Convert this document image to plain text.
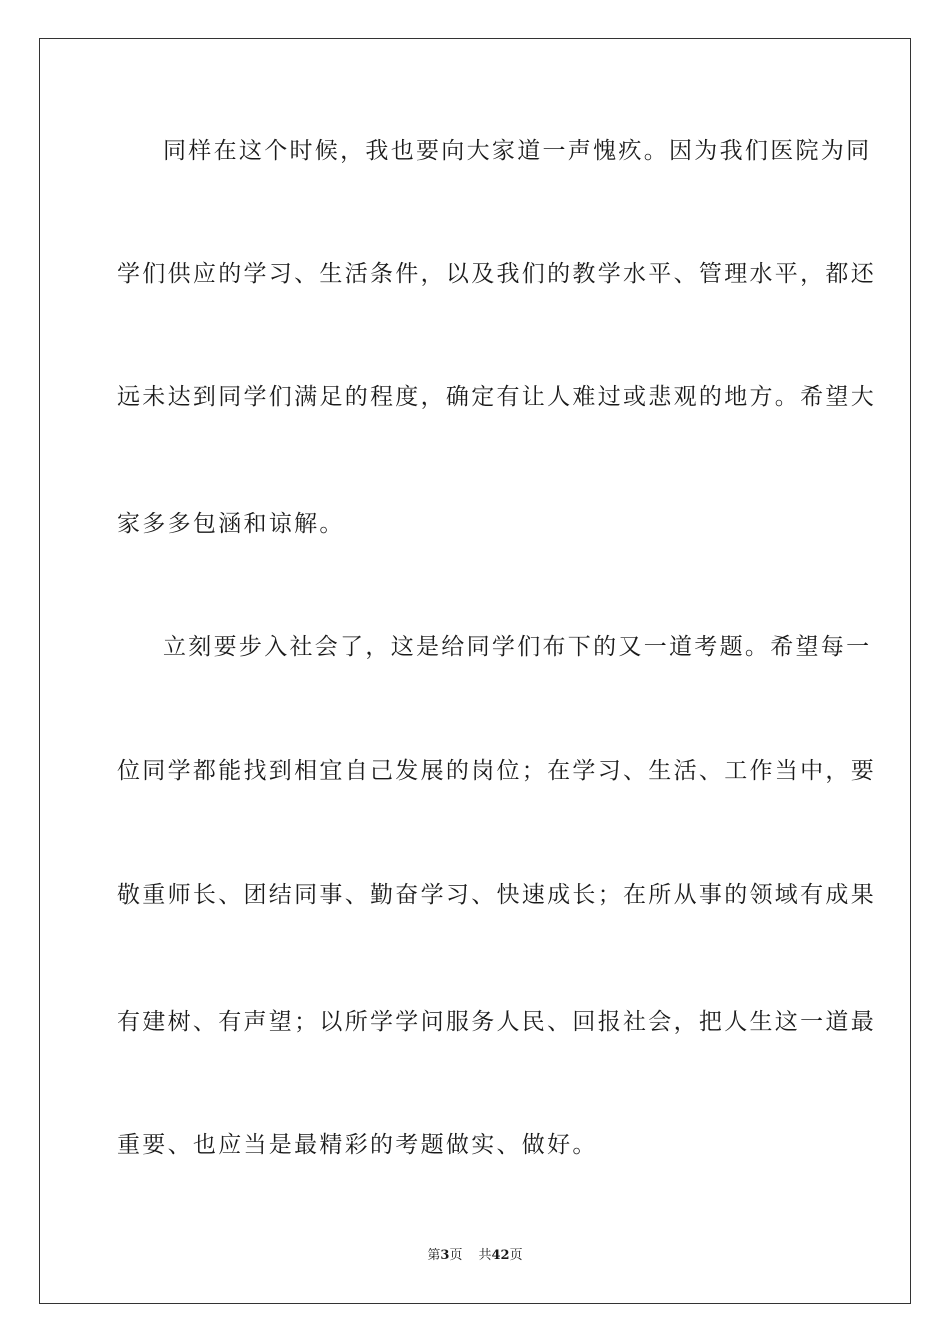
同样在这个时候，我也要向大家道一声愧疚。因为我们医院为同
学们供应的学习、生活条件，以及我们的教学水平、管理水平，都还
远未达到同学们满足的程度，确定有让人难过或悲观的地方。希望大
家多多包涵和谅解。
立刻要步入社会了，这是给同学们布下的又一道考题。希望每一
位同学都能找到相宜自己发展的岗位；在学习、生活、工作当中，要
敬重师长、团结同事、勤奋学习、快速成长；在所从事的领域有成果
有建树、有声望；以所学学问服务人民、回报社会，把人生这一道最
重要、也应当是最精彩的考题做实、做好。
第3页 共42页
